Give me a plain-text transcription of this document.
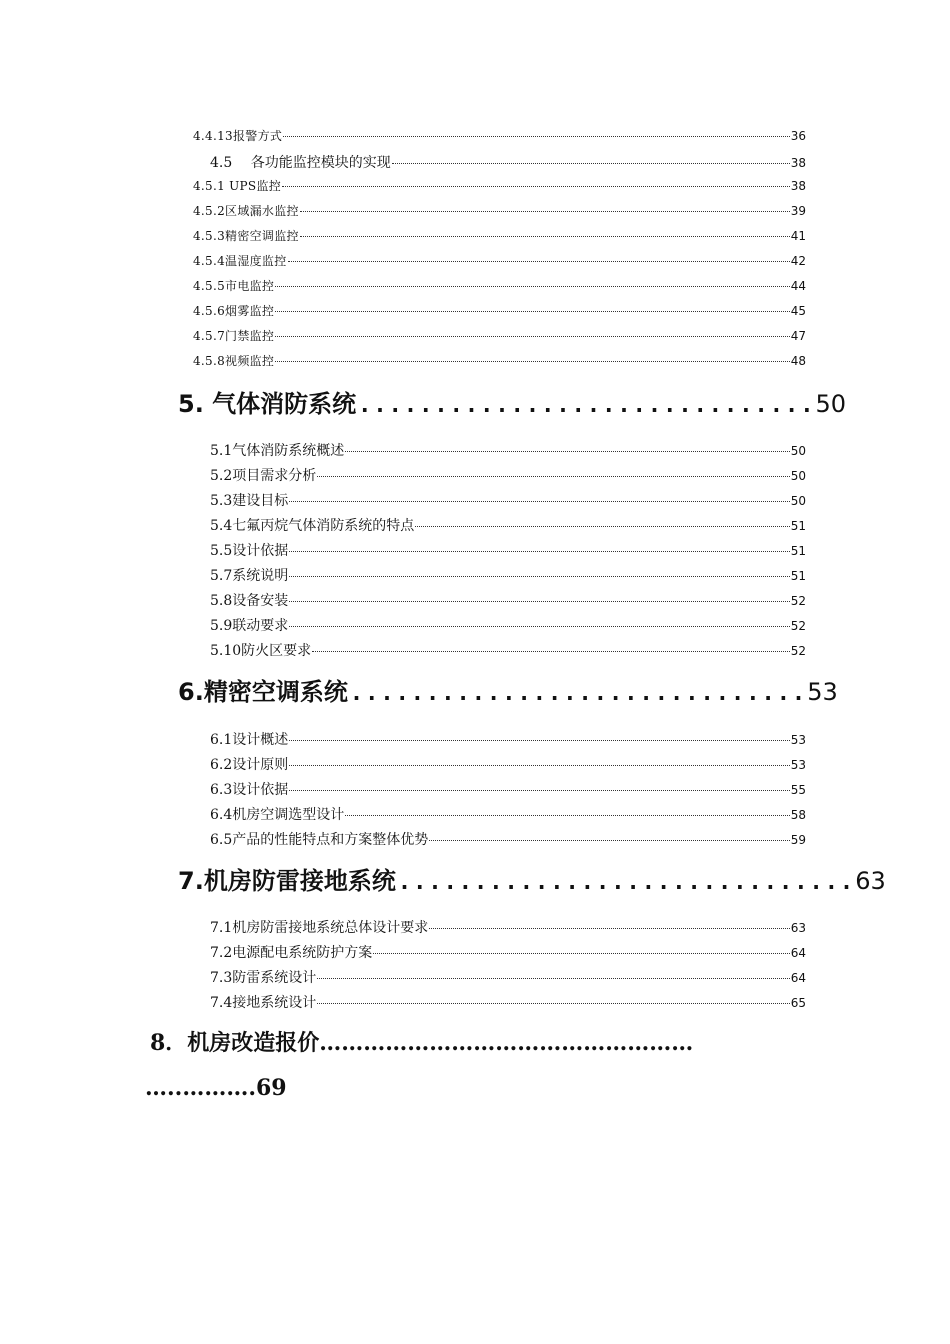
4.4.13报警方式	36
4.5　 各功能监控模块的实现	38
4.5.1 UPS监控	38
4.5.2区域漏水监控	39
4.5.3精密空调监控	41
4.5.4温湿度监控	42
4.5.5市电监控	44
4.5.6烟雾监控	45
4.5.7门禁监控	47
4.5.8视频监控	48
5. 气体消防系统 .............................. 50
5.1气体消防系统概述	50
5.2项目需求分析	50
5.3建设目标	50
5.4七氟丙烷气体消防系统的特点	51
5.5设计依据	51
5.7系统说明	51
5.8设备安装	52
5.9联动要求	52
5.10防火区要求	52
6.精密空调系统 .............................. 53
6.1设计概述	53
6.2设计原则	53
6.3设计依据	55
6.4机房空调选型设计	58
6.5产品的性能特点和方案整体优势	59
7.机房防雷接地系统 .............................. 63
7.1机房防雷接地系统总体设计要求	63
7.2电源配电系统防护方案	64
7.3防雷系统设计	64
7.4接地系统设计	65
8．机房改造报价……………………………………………
…..……….69
